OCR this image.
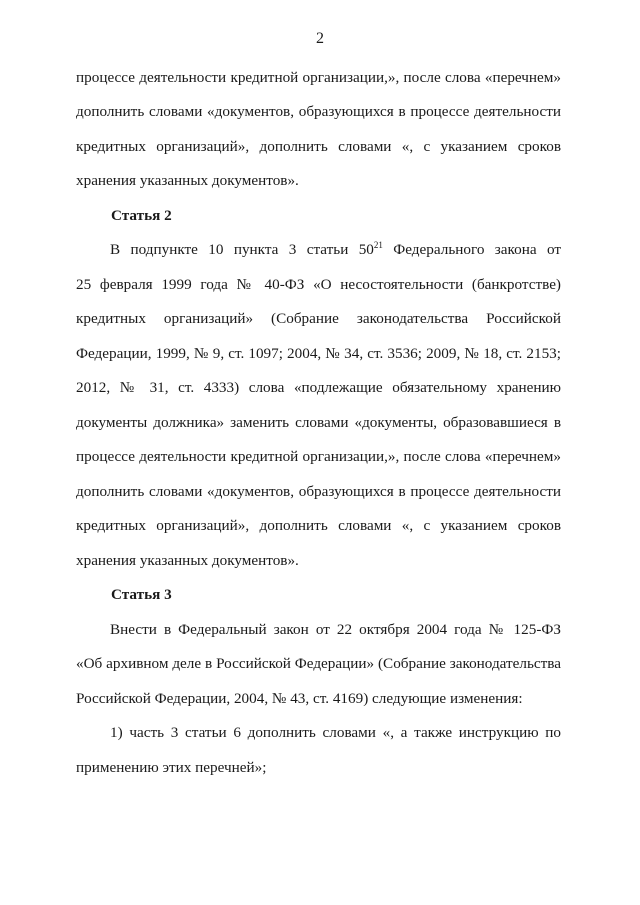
2
процессе деятельности кредитной организации,», после слова «перечнем»
дополнить словами «документов, образующихся в процессе деятельности
кредитных организаций», дополнить словами «, с указанием сроков
хранения указанных документов».
Статья 2
В подпункте 10 пункта 3 статьи $50^{21}$ Федерального закона от
25 февраля 1999 года № 40-ФЗ «О несостоятельности (банкротстве)
кредитных организаций» (Собрание законодательства Российской
Федерации, 1999, № 9, ст. 1097; 2004, № 34, ст. 3536; 2009, № 18, ст. 2153;
2012, № 31, ст. 4333) слова «подлежащие обязательному хранению
документы должника» заменить словами «документы, образовавшиеся в
процессе деятельности кредитной организации,», после слова «перечнем»
дополнить словами «документов, образующихся в процессе деятельности
кредитных организаций», дополнить словами «, с указанием сроков
хранения указанных документов».
Статья 3
Внести в Федеральный закон от 22 октября 2004 года № 125-ФЗ
«Об архивном деле в Российской Федерации» (Собрание законодательства
Российской Федерации, 2004, № 43, ст. 4169) следующие изменения:
1) часть 3 статьи 6 дополнить словами «, а также инструкцию по
применению этих перечней»;
